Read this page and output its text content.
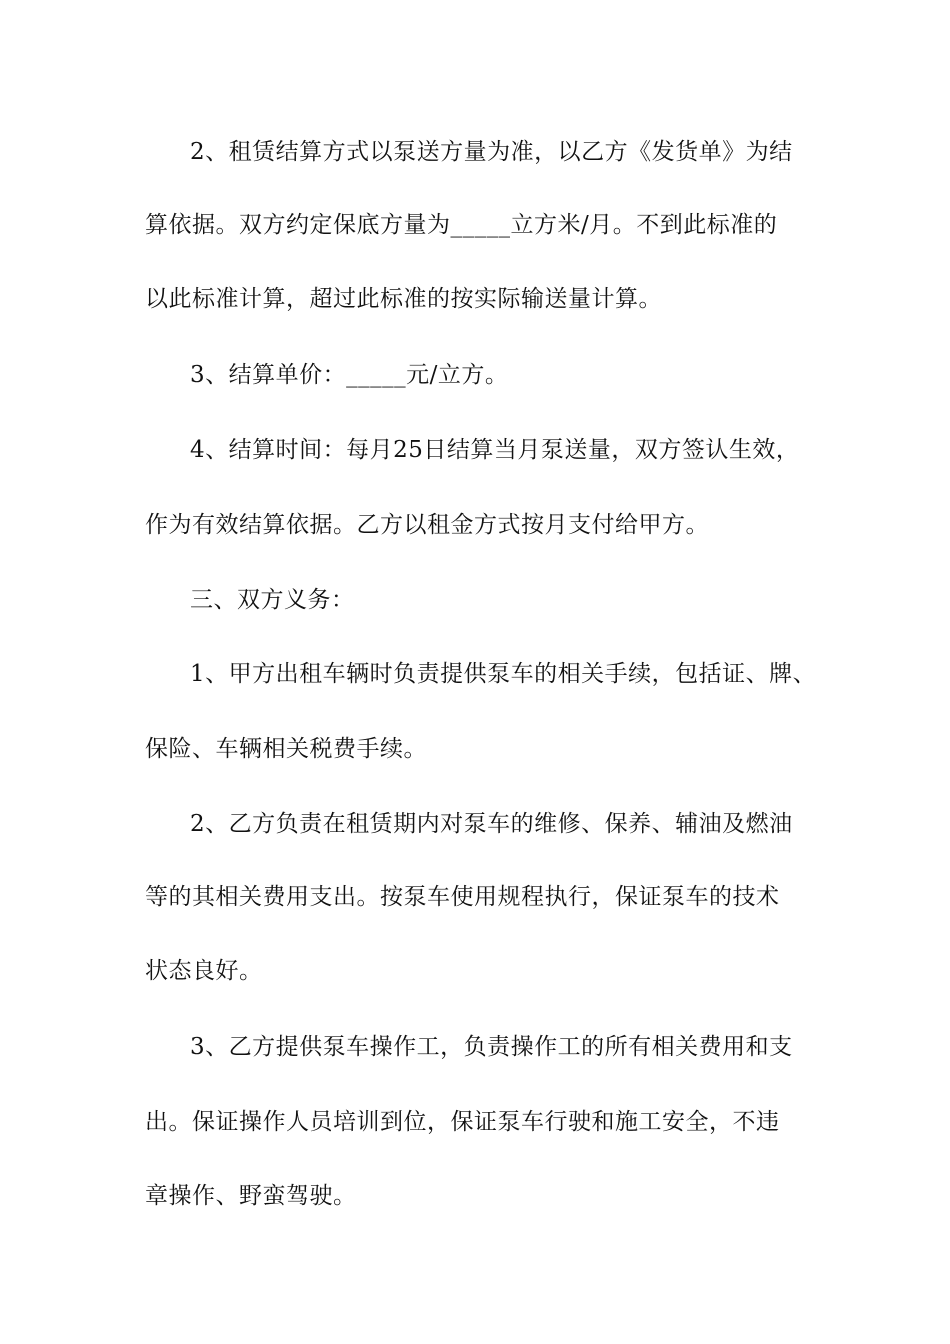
2、租赁结算方式以泵送方量为准，以乙方《发货单》为结
算依据。双方约定保底方量为_____立方米/月。不到此标准的
以此标准计算，超过此标准的按实际输送量计算。
3、结算单价：_____元/立方。
4、结算时间：每月25日结算当月泵送量，双方签认生效，
作为有效结算依据。乙方以租金方式按月支付给甲方。
三、双方义务：
1、甲方出租车辆时负责提供泵车的相关手续，包括证、牌、
保险、车辆相关税费手续。
2、乙方负责在租赁期内对泵车的维修、保养、辅油及燃油
等的其相关费用支出。按泵车使用规程执行，保证泵车的技术
状态良好。
3、乙方提供泵车操作工，负责操作工的所有相关费用和支
出。保证操作人员培训到位，保证泵车行驶和施工安全，不违
章操作、野蛮驾驶。
